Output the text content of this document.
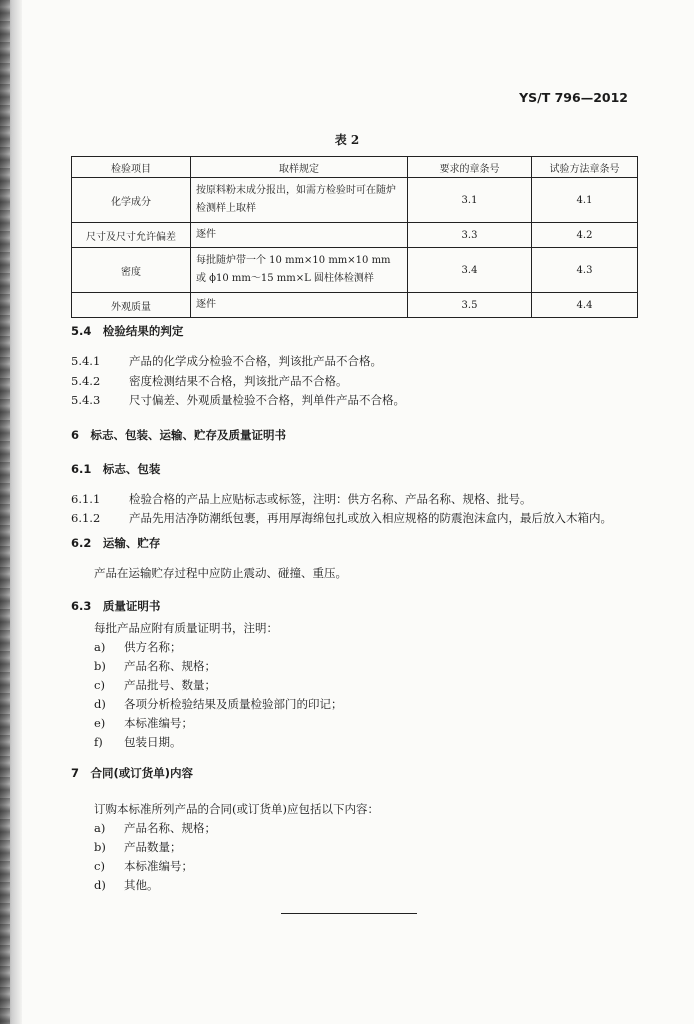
YS/T 796—2012
表 2
检验项目	取样规定	要求的章条号	试验方法章条号
化学成分	按原料粉末成分报出，如需方检验时可在随炉检测样上取样	3.1	4.1
尺寸及尺寸允许偏差	逐件	3.3	4.2
密度	每批随炉带一个 10 mm×10 mm×10 mm 或 ϕ10 mm～15 mm×L 圆柱体检测样	3.4	4.3
外观质量	逐件	3.5	4.4
5.4　检验结果的判定
5.4.1 产品的化学成分检验不合格，判该批产品不合格。
5.4.2 密度检测结果不合格，判该批产品不合格。
5.4.3 尺寸偏差、外观质量检验不合格，判单件产品不合格。
6　标志、包装、运输、贮存及质量证明书
6.1　标志、包装
6.1.1 检验合格的产品上应贴标志或标签，注明：供方名称、产品名称、规格、批号。
6.1.2 产品先用洁净防潮纸包裹，再用厚海绵包扎或放入相应规格的防震泡沫盒内，最后放入木箱内。
6.2　运输、贮存
产品在运输贮存过程中应防止震动、碰撞、重压。
6.3　质量证明书
每批产品应附有质量证明书，注明：
a) 供方名称；
b) 产品名称、规格；
c) 产品批号、数量；
d) 各项分析检验结果及质量检验部门的印记；
e) 本标准编号；
f) 包装日期。
7　合同(或订货单)内容
订购本标准所列产品的合同(或订货单)应包括以下内容：
a) 产品名称、规格；
b) 产品数量；
c) 本标准编号；
d) 其他。
